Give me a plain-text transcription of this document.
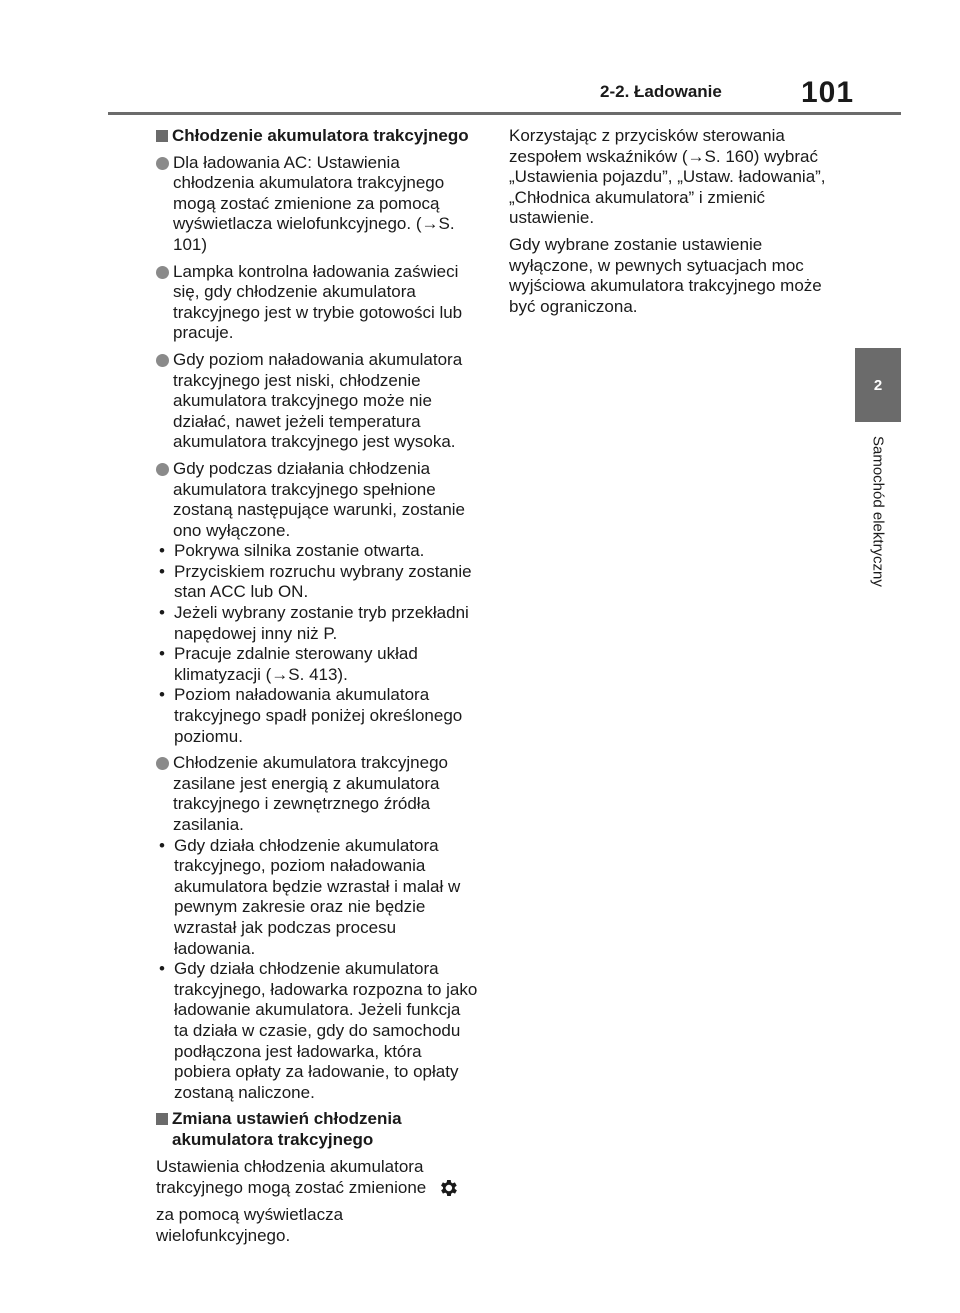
2-2. Ładowanie	101
2
Samochód elektryczny
Chłodzenie akumulatora trakcyjnego
Dla ładowania AC: Ustawienia chłodzenia akumulatora trakcyjnego mogą zostać zmienione za pomocą wyświetlacza wielofunkcyjnego. (→S. 101)
Lampka kontrolna ładowania zaświeci się, gdy chłodzenie akumulatora trakcyjnego jest w trybie gotowości lub pracuje.
Gdy poziom naładowania akumulatora trakcyjnego jest niski, chłodzenie akumulatora trakcyjnego może nie działać, nawet jeżeli temperatura akumulatora trakcyjnego jest wysoka.
Gdy podczas działania chłodzenia akumulatora trakcyjnego spełnione zostaną następujące warunki, zostanie ono wyłączone.
• Pokrywa silnika zostanie otwarta.
• Przyciskiem rozruchu wybrany zostanie stan ACC lub ON.
• Jeżeli wybrany zostanie tryb przekładni napędowej inny niż P.
• Pracuje zdalnie sterowany układ klimatyzacji (→S. 413).
• Poziom naładowania akumulatora trakcyjnego spadł poniżej określonego poziomu.
Chłodzenie akumulatora trakcyjnego zasilane jest energią z akumulatora trakcyjnego i zewnętrznego źródła zasilania.
• Gdy działa chłodzenie akumulatora trakcyjnego, poziom naładowania akumulatora będzie wzrastał i malał w pewnym zakresie oraz nie będzie wzrastał jak podczas procesu ładowania.
• Gdy działa chłodzenie akumulatora trakcyjnego, ładowarka rozpozna to jako ładowanie akumulatora. Jeżeli funkcja ta działa w czasie, gdy do samochodu podłączona jest ładowarka, która pobiera opłaty za ładowanie, to opłaty zostaną naliczone.
Zmiana ustawień chłodzenia akumulatora trakcyjnego
Ustawienia chłodzenia akumulatora trakcyjnego mogą zostać zmienione
za pomocą wyświetlacza wielofunkcyjnego.
Korzystając z przycisków sterowania zespołem wskaźników (→S. 160) wybrać „Ustawienia pojazdu”, „Ustaw. ładowania”, „Chłodnica akumulatora” i zmienić ustawienie.
Gdy wybrane zostanie ustawienie wyłączone, w pewnych sytuacjach moc wyjściowa akumulatora trakcyjnego może być ograniczona.
